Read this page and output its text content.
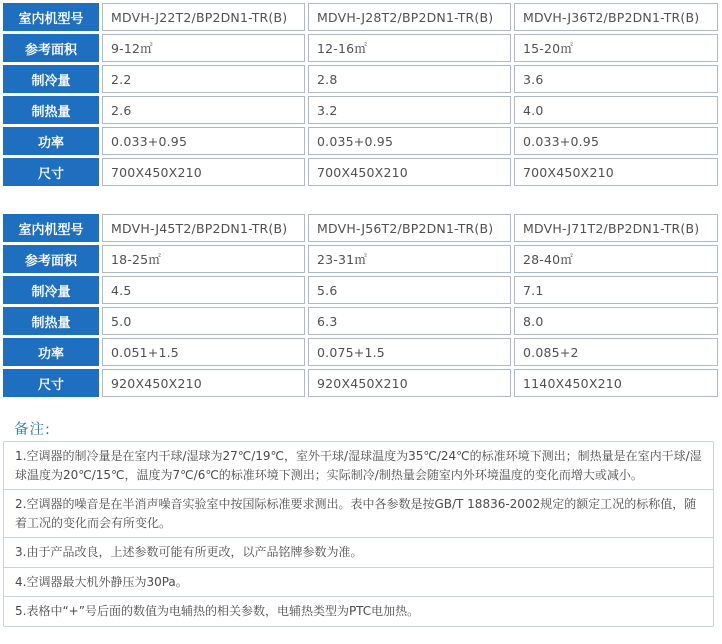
室内机型号	MDVH-J22T2/BP2DN1-TR(B)	MDVH-J28T2/BP2DN1-TR(B)	MDVH-J36T2/BP2DN1-TR(B)
参考面积	9-12㎡	12-16㎡	15-20㎡
制冷量	2.2	2.8	3.6
制热量	2.6	3.2	4.0
功率	0.033+0.95	0.035+0.95	0.033+0.95
尺寸	700X450X210	700X450X210	700X450X210
室内机型号	MDVH-J45T2/BP2DN1-TR(B)	MDVH-J56T2/BP2DN1-TR(B)	MDVH-J71T2/BP2DN1-TR(B)
参考面积	18-25㎡	23-31㎡	28-40㎡
制冷量	4.5	5.6	7.1
制热量	5.0	6.3	8.0
功率	0.051+1.5	0.075+1.5	0.085+2
尺寸	920X450X210	920X450X210	1140X450X210
备注:
1.空调器的制冷量是在室内干球/湿球为27℃/19℃，室外干球/湿球温度为35℃/24℃的标准环境下测出；制热量是在室内干球/湿球温度为20℃/15℃，温度为7℃/6℃的标准环境下测出；实际制冷/制热量会随室内外环境温度的变化而增大或减小。
2.空调器的噪音是在半消声噪音实验室中按国际标准要求测出。表中各参数是按GB/T 18836-2002规定的额定工况的标称值，随着工况的变化而会有所变化。
3.由于产品改良，上述参数可能有所更改，以产品铭牌参数为准。
4.空调器最大机外静压为30Pa。
5.表格中“+”号后面的数值为电辅热的相关参数，电辅热类型为PTC电加热。
